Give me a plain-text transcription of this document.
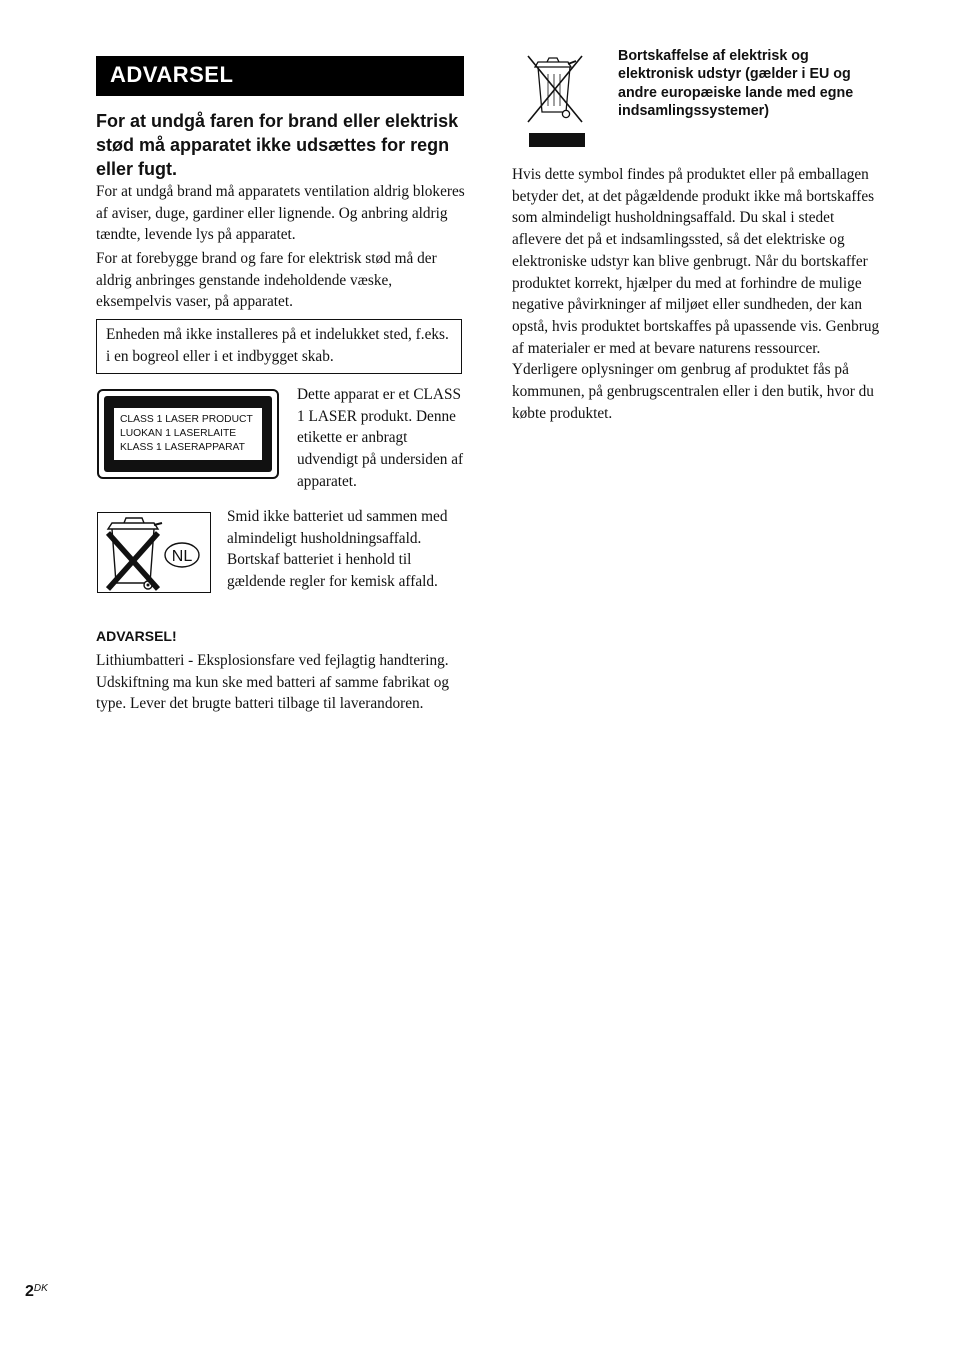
ADVARSEL
For at undgå faren for brand eller elektrisk stød må apparatet ikke udsættes for regn eller fugt.

For at undgå brand må apparatets ventilation aldrig blokeres af aviser, duge, gardiner eller lignende. Og anbring aldrig tændte, levende lys på apparatet.

For at forebygge brand og fare for elektrisk stød må der aldrig anbringes genstande indeholdende væske, eksempelvis vaser, på apparatet.

Enheden må ikke installeres på et indelukket sted, f.eks. i en bogreol eller i et indbygget skab.
CLASS 1 LASER PRODUCT
LUOKAN 1 LASERLAITE
KLASS 1 LASERAPPARAT
Dette apparat er et CLASS 1 LASER produkt. Denne etikette er anbragt udvendigt på undersiden af apparatet.
NL
Smid ikke batteriet ud sammen med almindeligt husholdningsaffald. Bortskaf batteriet i henhold til gældende regler for kemisk affald.
ADVARSEL!

Lithiumbatteri - Eksplosionsfare ved fejlagtig handtering.

Udskiftning ma kun ske med batteri af samme fabrikat og type. Lever det brugte batteri tilbage til laverandoren.

Bortskaffelse af elektrisk og elektronisk udstyr (gælder i EU og andre europæiske lande med egne indsamlingssystemer)
Hvis dette symbol findes på produktet eller på emballagen betyder det, at det pågældende produkt ikke må bortskaffes som almindeligt husholdningsaffald. Du skal i stedet aflevere det på et indsamlingssted, så det elektriske og elektroniske udstyr kan blive genbrugt. Når du bortskaffer produktet korrekt, hjælper du med at forhindre de mulige negative påvirkninger af miljøet eller sundheden, der kan opstå, hvis produktet bortskaffes på upassende vis. Genbrug af materialer er med at bevare naturens ressourcer. Yderligere oplysninger om genbrug af produktet fås på kommunen, på genbrugscentralen eller i den butik, hvor du købte produktet.
2$^{DK}$
